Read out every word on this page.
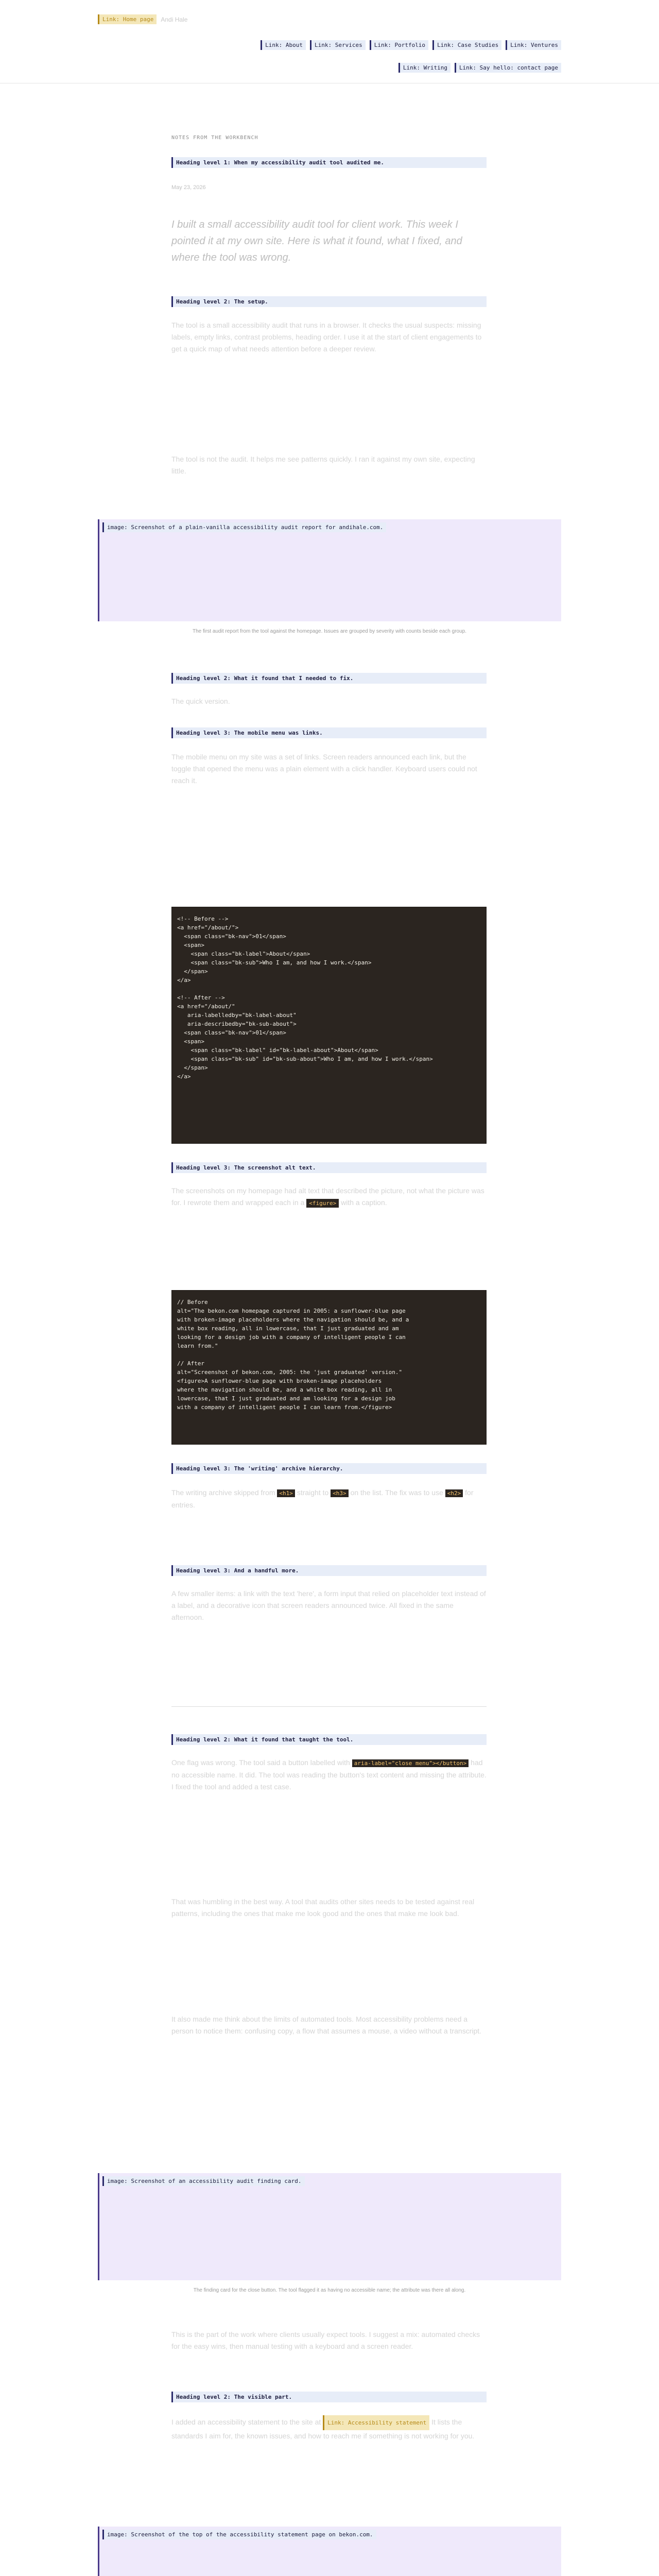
Link: Home page	Andi Hale
Link: About	Link: Services	Link: Portfolio	Link: Case Studies	Link: Ventures
Link: Writing	Link: Say hello: contact page
NOTES FROM THE WORKBENCH
Heading level 1: When my accessibility audit tool audited me.
May 23, 2026

I built a small accessibility audit tool for client work. This week I pointed it at my own site. Here is what it found, what I fixed, and where the tool was wrong.

Heading level 2: The setup.

The tool is a small accessibility audit that runs in a browser. It checks the usual suspects: missing labels, empty links, contrast problems, heading order. I use it at the start of client engagements to get a quick map of what needs attention before a deeper review.

The tool is not the audit. It helps me see patterns quickly. I ran it against my own site, expecting little.

image: Screenshot of a plain-vanilla accessibility audit report for andihale.com.

The first audit report from the tool against the homepage. Issues are grouped by severity with counts beside each group.

Heading level 2: What it found that I needed to fix.

The quick version.

Heading level 3: The mobile menu was links.

The mobile menu on my site was a set of links. Screen readers announced each link, but the toggle that opened the menu was a plain element with a click handler. Keyboard users could not reach it.

<!-- Before -->
<a href="/about/">
<span class="bk-nav">01</span>
<span>
<span class="bk-label">About</span>
<span class="bk-sub">Who I am, and how I work.</span>
</span>
</a>

<!-- After -->
<a href="/about/"
aria-labelledby="bk-label-about"
aria-describedby="bk-sub-about">
<span class="bk-nav">01</span>
<span>
<span class="bk-label" id="bk-label-about">About</span>
<span class="bk-sub" id="bk-sub-about">Who I am, and how I work.</span>
</span>
</a>
Heading level 3: The screenshot alt text.

The screenshots on my homepage had alt text that described the picture, not what the picture was for. I rewrote them and wrapped each in a <figure> with a caption.

// Before
alt="The bekon.com homepage captured in 2005: a sunflower-blue page
with broken-image placeholders where the navigation should be, and a
white box reading, all in lowercase, that I just graduated and am
looking for a design job with a company of intelligent people I can
learn from."

// After
alt="Screenshot of bekon.com, 2005: the 'just graduated' version."
<figure>A sunflower-blue page with broken-image placeholders
where the navigation should be, and a white box reading, all in
lowercase, that I just graduated and am looking for a design job
with a company of intelligent people I can learn from.</figure>
Heading level 3: The 'writing' archive hierarchy.

The writing archive skipped from <h1> straight to <h3> on the list. The fix was to use <h2> for entries.

Heading level 3: And a handful more.

A few smaller items: a link with the text 'here', a form input that relied on placeholder text instead of a label, and a decorative icon that screen readers announced twice. All fixed in the same afternoon.

Heading level 2: What it found that taught the tool.

One flag was wrong. The tool said a button labelled with aria-label="close menu"></button> had no accessible name. It did. The tool was reading the button's text content and missing the attribute. I fixed the tool and added a test case.

That was humbling in the best way. A tool that audits other sites needs to be tested against real patterns, including the ones that make me look good and the ones that make me look bad.

It also made me think about the limits of automated tools. Most accessibility problems need a person to notice them: confusing copy, a flow that assumes a mouse, a video without a transcript.

image: Screenshot of an accessibility audit finding card.

The finding card for the close button. The tool flagged it as having no accessible name; the attribute was there all along.

This is the part of the work where clients usually expect tools. I suggest a mix: automated checks for the easy wins, then manual testing with a keyboard and a screen reader.

Heading level 2: The visible part.

I added an accessibility statement to the site at Link: Accessibility statement It lists the standards I aim for, the known issues, and how to reach me if something is not working for you.

image: Screenshot of the top of the accessibility statement page on bekon.com.
